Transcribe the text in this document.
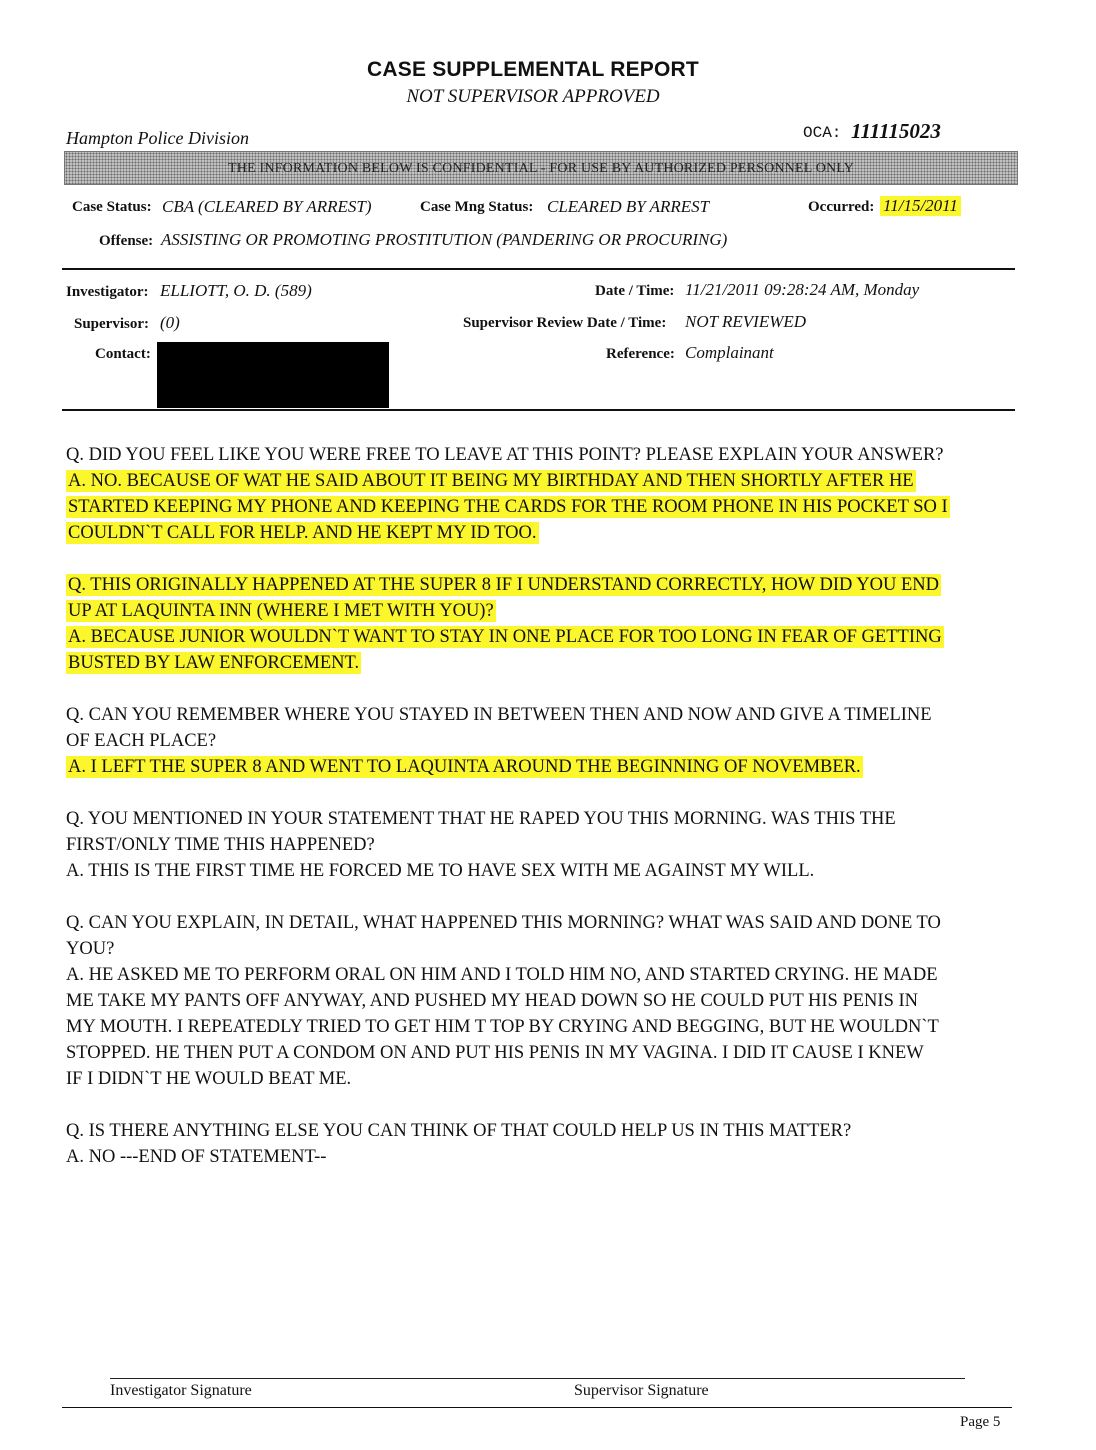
CASE SUPPLEMENTAL REPORT
NOT SUPERVISOR APPROVED
Hampton Police Division	OCA: 111115023
THE INFORMATION BELOW IS CONFIDENTIAL - FOR USE BY AUTHORIZED PERSONNEL ONLY
Case Status: CBA (CLEARED BY ARREST)	Case Mng Status: CLEARED BY ARREST	Occurred: 11/15/2011
Offense: ASSISTING OR PROMOTING PROSTITUTION (PANDERING OR PROCURING)
Investigator: ELLIOTT, O. D. (589)	Date / Time: 11/21/2011 09:28:24 AM, Monday
Supervisor: (0)	Supervisor Review Date / Time: NOT REVIEWED
Contact:	Reference: Complainant
Q. DID YOU FEEL LIKE YOU WERE FREE TO LEAVE AT THIS POINT? PLEASE EXPLAIN YOUR ANSWER?
A. NO. BECAUSE OF WAT HE SAID ABOUT IT BEING MY BIRTHDAY AND THEN SHORTLY AFTER HE
STARTED KEEPING MY PHONE AND KEEPING THE CARDS FOR THE ROOM PHONE IN HIS POCKET SO I
COULDN`T CALL FOR HELP. AND HE KEPT MY ID TOO.
Q. THIS ORIGINALLY HAPPENED AT THE SUPER 8 IF I UNDERSTAND CORRECTLY, HOW DID YOU END
UP AT LAQUINTA INN (WHERE I MET WITH YOU)?
A. BECAUSE JUNIOR WOULDN`T WANT TO STAY IN ONE PLACE FOR TOO LONG IN FEAR OF GETTING
BUSTED BY LAW ENFORCEMENT.
Q. CAN YOU REMEMBER WHERE YOU STAYED IN BETWEEN THEN AND NOW AND GIVE A TIMELINE
OF EACH PLACE?
A. I LEFT THE SUPER 8 AND WENT TO LAQUINTA AROUND THE BEGINNING OF NOVEMBER.
Q. YOU MENTIONED IN YOUR STATEMENT THAT HE RAPED YOU THIS MORNING. WAS THIS THE
FIRST/ONLY TIME THIS HAPPENED?
A. THIS IS THE FIRST TIME HE FORCED ME TO HAVE SEX WITH ME AGAINST MY WILL.
Q. CAN YOU EXPLAIN, IN DETAIL, WHAT HAPPENED THIS MORNING? WHAT WAS SAID AND DONE TO
YOU?
A. HE ASKED ME TO PERFORM ORAL ON HIM AND I TOLD HIM NO, AND STARTED CRYING. HE MADE
ME TAKE MY PANTS OFF ANYWAY, AND PUSHED MY HEAD DOWN SO HE COULD PUT HIS PENIS IN
MY MOUTH. I REPEATEDLY TRIED TO GET HIM T TOP BY CRYING AND BEGGING, BUT HE WOULDN`T
STOPPED. HE THEN PUT A CONDOM ON AND PUT HIS PENIS IN MY VAGINA. I DID IT CAUSE I KNEW
IF I DIDN`T HE WOULD BEAT ME.
Q. IS THERE ANYTHING ELSE YOU CAN THINK OF THAT COULD HELP US IN THIS MATTER?
A. NO ---END OF STATEMENT--
Investigator Signature	Supervisor Signature
Page 5
